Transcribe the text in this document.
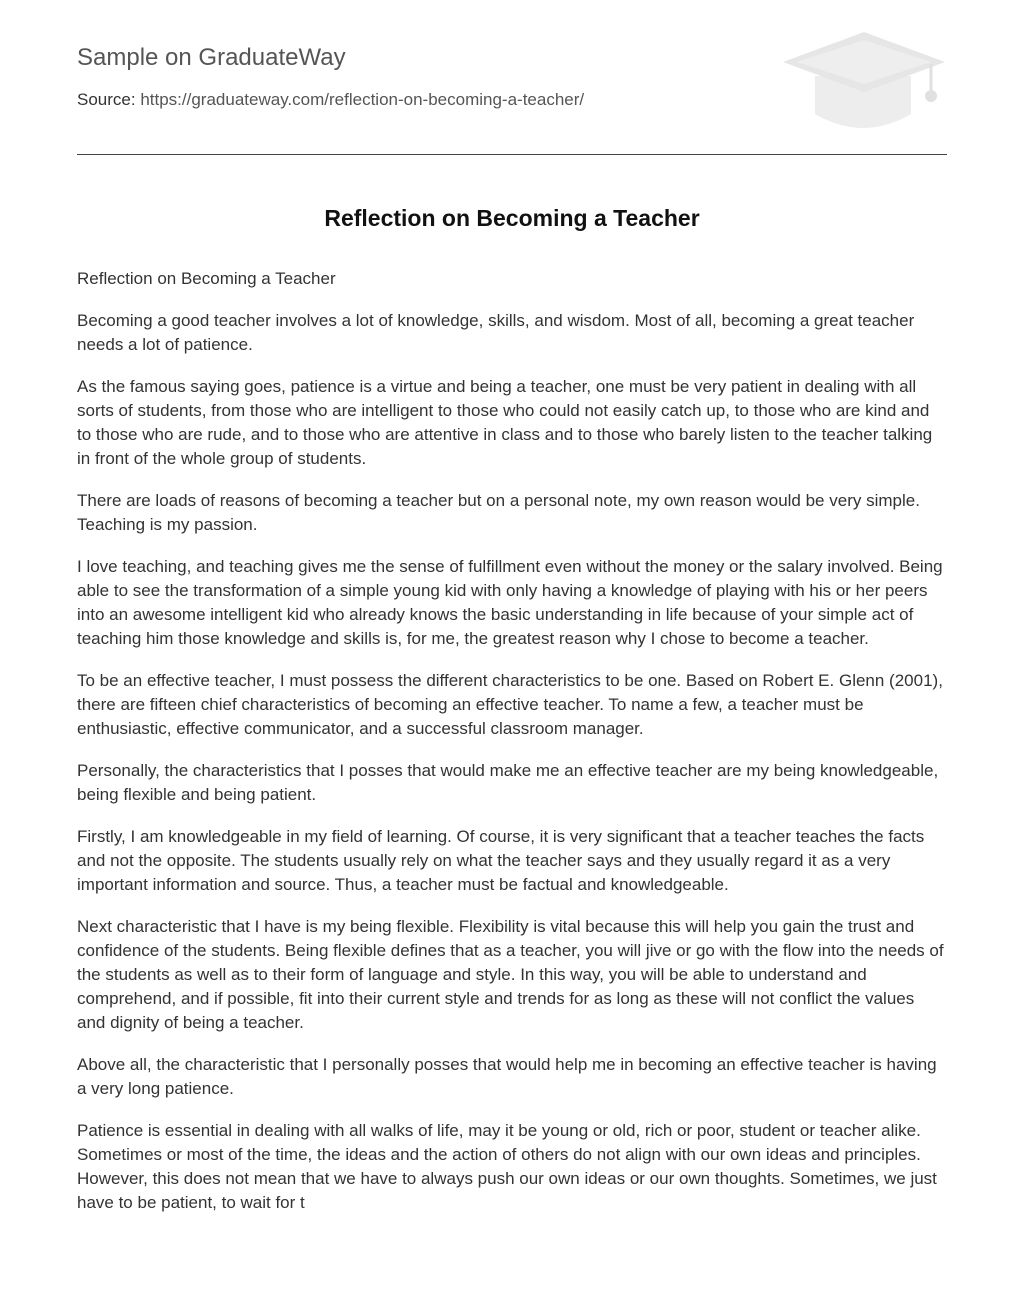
Sample on GraduateWay
Source: https://graduateway.com/reflection-on-becoming-a-teacher/
Reflection on Becoming a Teacher

Reflection on Becoming a Teacher

Becoming a good teacher involves a lot of knowledge, skills, and wisdom. Most of all, becoming a great teacher needs a lot of patience.

As the famous saying goes, patience is a virtue and being a teacher, one must be very patient in dealing with all sorts of students, from those who are intelligent to those who could not easily catch up, to those who are kind and to those who are rude, and to those who are attentive in class and to those who barely listen to the teacher talking in front of the whole group of students.

There are loads of reasons of becoming a teacher but on a personal note, my own reason would be very simple. Teaching is my passion.

I love teaching, and teaching gives me the sense of fulfillment even without the money or the salary involved. Being able to see the transformation of a simple young kid with only having a knowledge of playing with his or her peers into an awesome intelligent kid who already knows the basic understanding in life because of your simple act of teaching him those knowledge and skills is, for me, the greatest reason why I chose to become a teacher.

To be an effective teacher, I must possess the different characteristics to be one. Based on Robert E. Glenn (2001), there are fifteen chief characteristics of becoming an effective teacher. To name a few, a teacher must be enthusiastic, effective communicator, and a successful classroom manager.

Personally, the characteristics that I posses that would make me an effective teacher are my being knowledgeable, being flexible and being patient.

Firstly, I am knowledgeable in my field of learning. Of course, it is very significant that a teacher teaches the facts and not the opposite. The students usually rely on what the teacher says and they usually regard it as a very important information and source. Thus, a teacher must be factual and knowledgeable.

Next characteristic that I have is my being flexible. Flexibility is vital because this will help you gain the trust and confidence of the students. Being flexible defines that as a teacher, you will jive or go with the flow into the needs of the students as well as to their form of language and style. In this way, you will be able to understand and comprehend, and if possible, fit into their current style and trends for as long as these will not conflict the values and dignity of being a teacher.

Above all, the characteristic that I personally posses that would help me in becoming an effective teacher is having a very long patience.

Patience is essential in dealing with all walks of life, may it be young or old, rich or poor, student or teacher alike. Sometimes or most of the time, the ideas and the action of others do not align with our own ideas and principles. However, this does not mean that we have to always push our own ideas or our own thoughts. Sometimes, we just have to be patient, to wait for t
